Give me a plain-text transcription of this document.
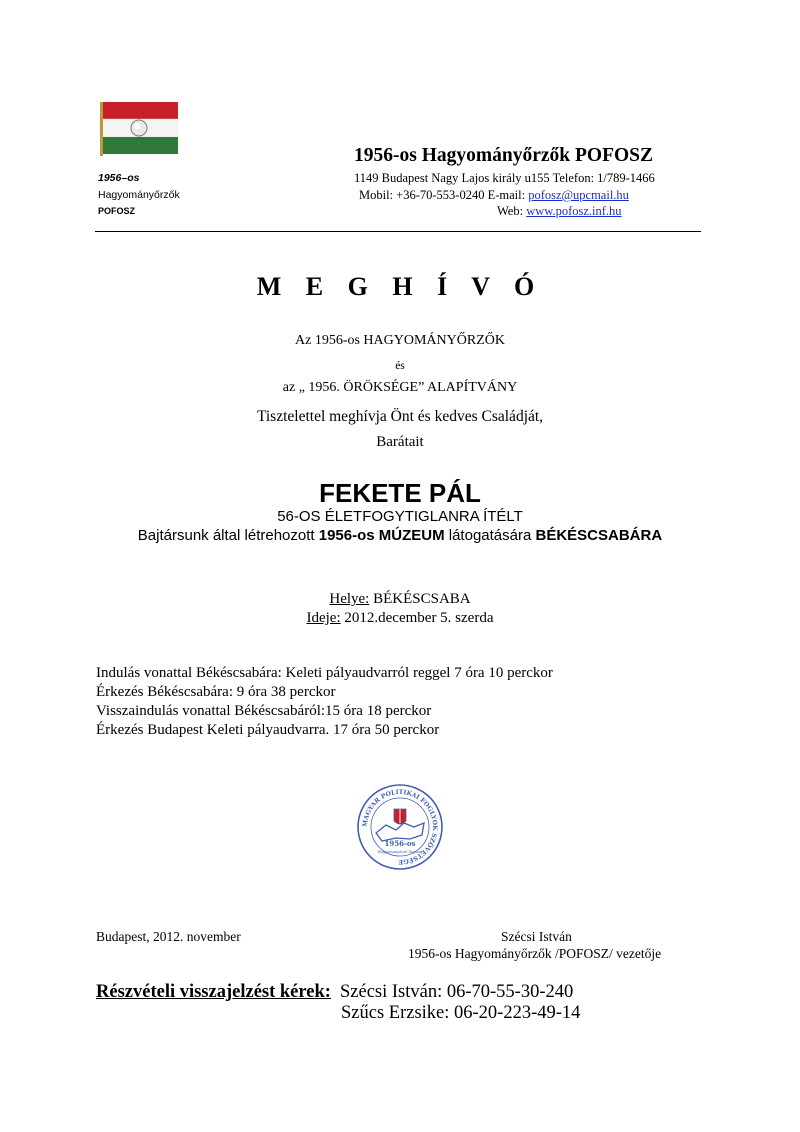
1956-os Hagyományőrzők POFOSZ
1956–os
Hagyományőrzők
POFOSZ
1149 Budapest Nagy Lajos király u155 Telefon: 1/789-1466
Mobil: +36-70-553-0240 E-mail: pofosz@upcmail.hu
Web: www.pofosz.inf.hu
M E G H Í V Ó
Az 1956-os HAGYOMÁNYŐRZŐK
és
az „ 1956. ÖRÖKSÉGE” ALAPÍTVÁNY
Tisztelettel meghívja Önt és kedves Családját,
Barátait
FEKETE PÁL
56-OS ÉLETFOGYTIGLANRA ÍTÉLT
Bajtársunk által létrehozott 1956-os MÚZEUM látogatására BÉKÉSCSABÁRA
Helye: BÉKÉSCSABA
Ideje: 2012.december 5. szerda
Indulás vonattal Békéscsabára: Keleti pályaudvarról reggel 7 óra 10 perckor
Érkezés Békéscsabára: 9 óra 38 perckor
Visszaindulás vonattal Békéscsabáról:15 óra 18 perckor
Érkezés Budapest Keleti pályaudvarra. 17 óra 50 perckor
MAGYAR POLITIKAI FOGLYOK SZÖVETSÉGE
1956-os
Hagyományőrző Tagozat
Budapest, 2012. november	Szécsi István
1956-os Hagyományőrzők /POFOSZ/ vezetője
Részvételi visszajelzést kérek: Szécsi István: 06-70-55-30-240
Szűcs Erzsike: 06-20-223-49-14
